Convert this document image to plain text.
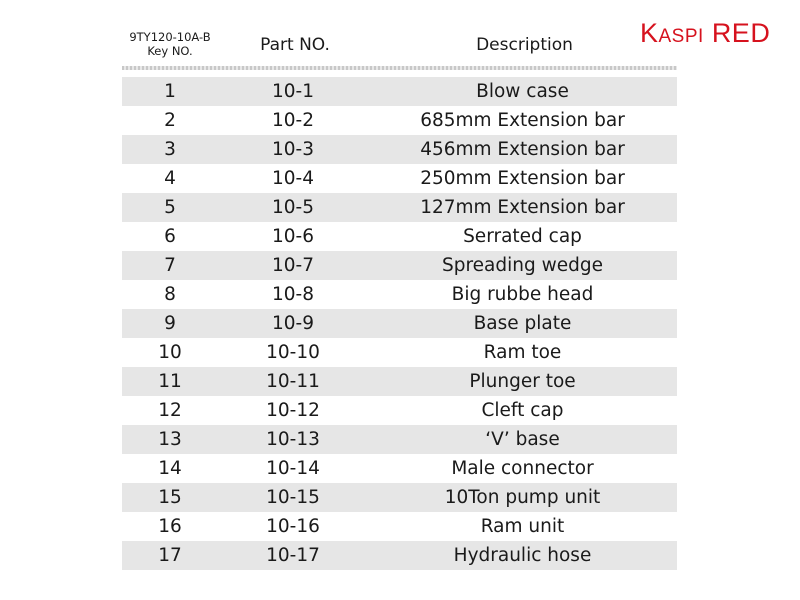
Kaspi RED
9TY120-10A-B
Key NO.	Part NO.	Description
1	10-1	Blow case
2	10-2	685mm Extension bar
3	10-3	456mm Extension bar
4	10-4	250mm Extension bar
5	10-5	127mm Extension bar
6	10-6	Serrated cap
7	10-7	Spreading wedge
8	10-8	Big rubbe head
9	10-9	Base plate
10	10-10	Ram toe
11	10-11	Plunger toe
12	10-12	Cleft cap
13	10-13	‘V’ base
14	10-14	Male connector
15	10-15	10Ton pump unit
16	10-16	Ram unit
17	10-17	Hydraulic hose
